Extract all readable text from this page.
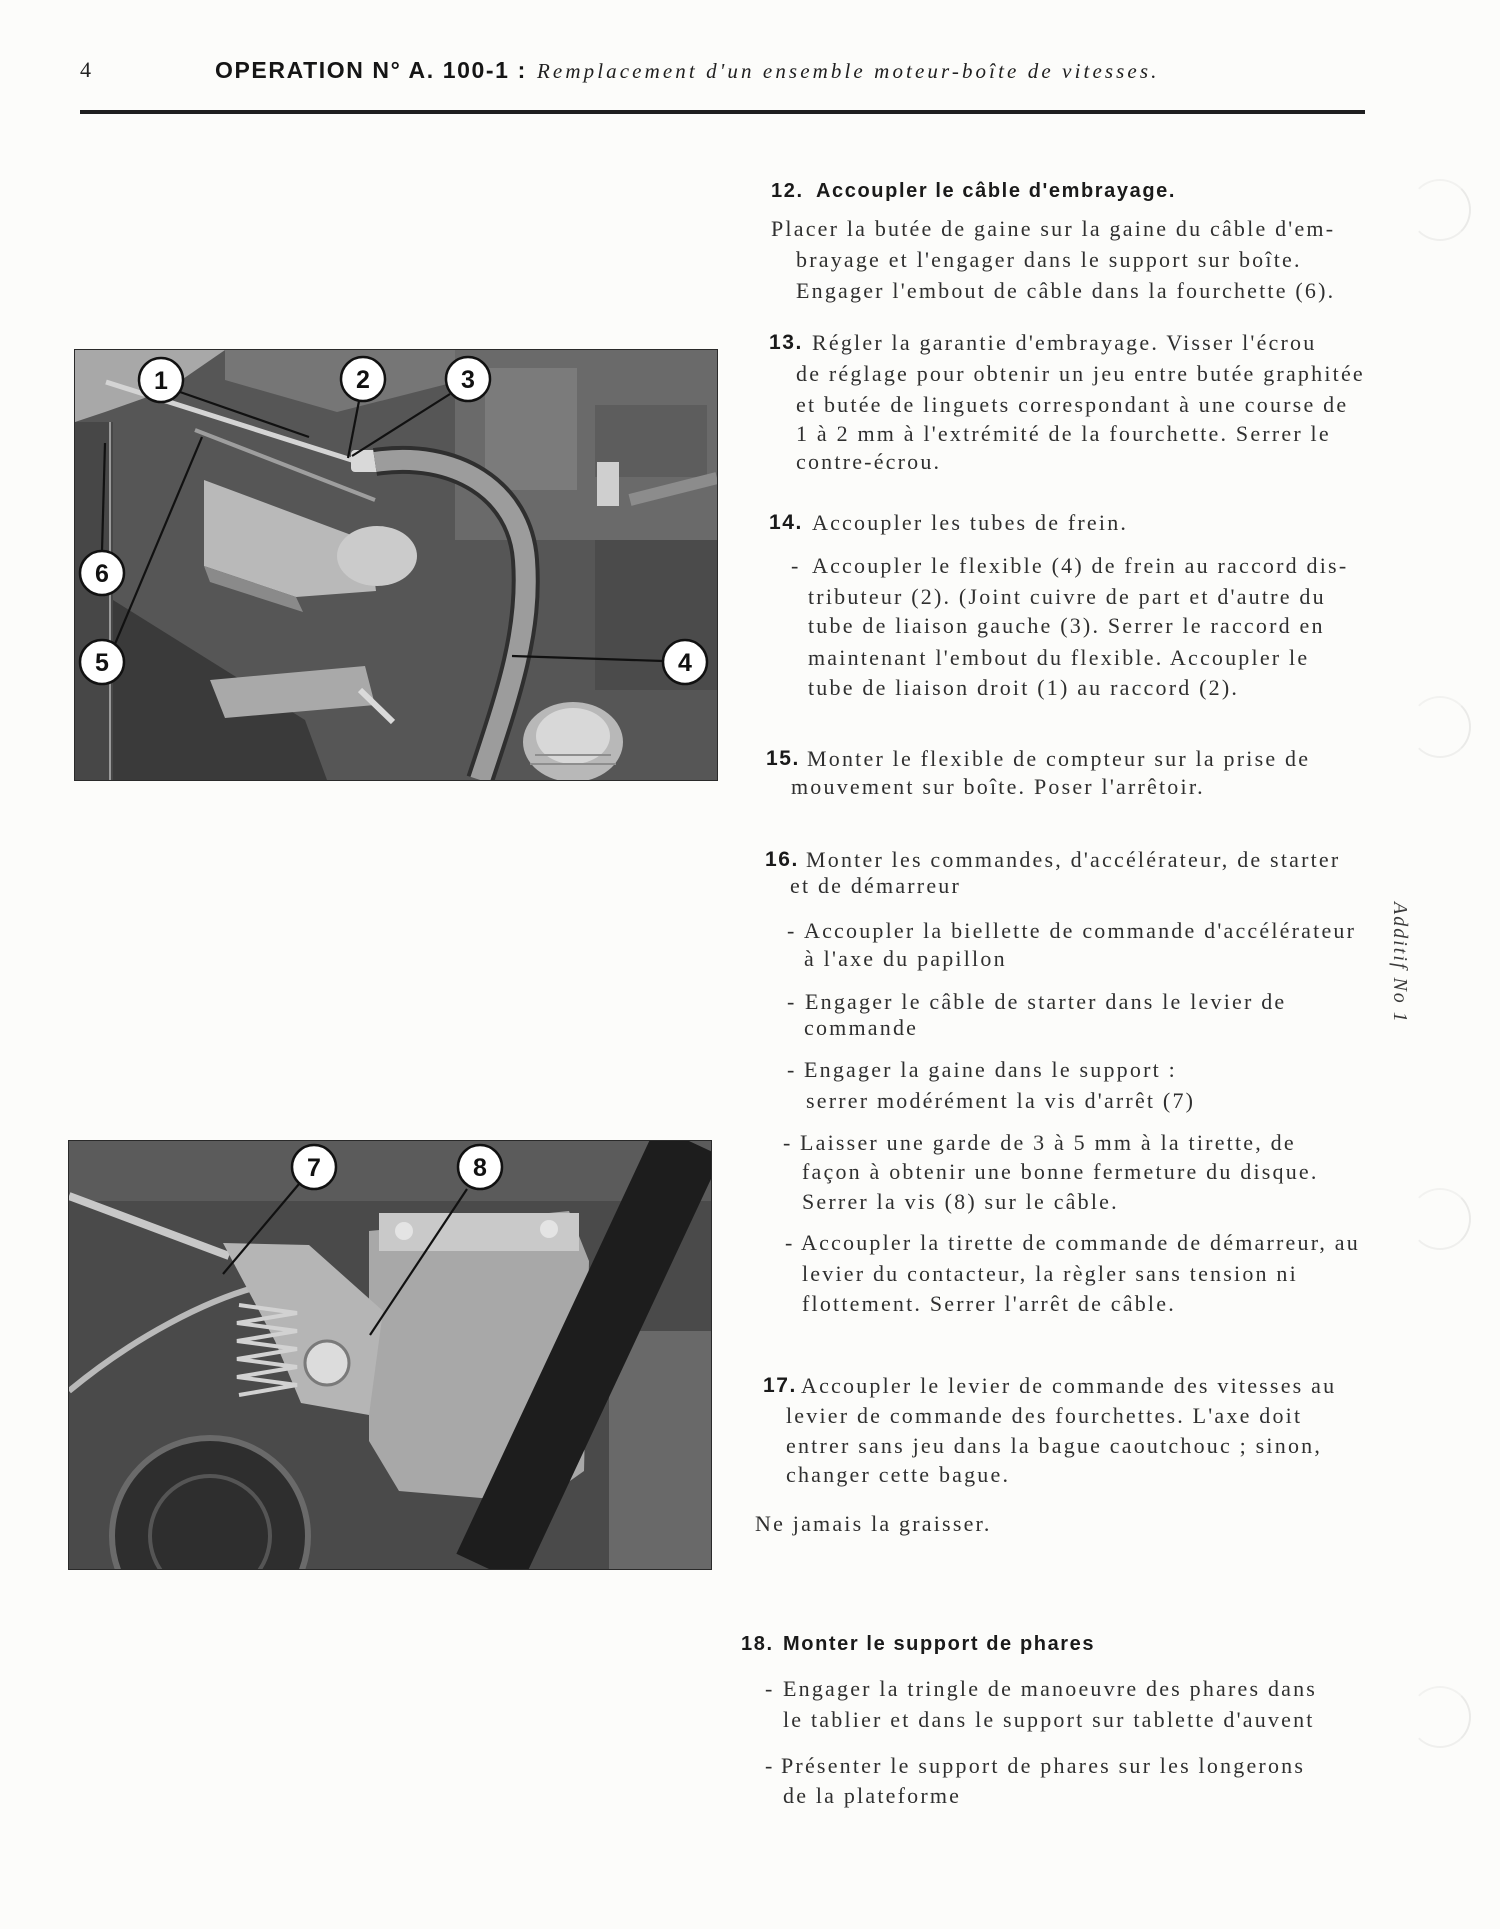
4	OPERATION N° A. 100-1 : Remplacement d'un ensemble moteur-boîte de vitesses.
Additif No 1
1	2	3
4
5
6
7	8
12. Accoupler le câble d'embrayage.
Placer la butée de gaine sur la gaine du câble d'em-
brayage et l'engager dans le support sur boîte.
Engager l'embout de câble dans la fourchette (6).
13. Régler la garantie d'embrayage. Visser l'écrou
de réglage pour obtenir un jeu entre butée graphitée
et butée de linguets correspondant à une course de
1 à 2 mm à l'extrémité de la fourchette. Serrer le
contre-écrou.
14. Accoupler les tubes de frein.
- Accoupler le flexible (4) de frein au raccord dis-
tributeur (2). (Joint cuivre de part et d'autre du
tube de liaison gauche (3). Serrer le raccord en
maintenant l'embout du flexible. Accoupler le
tube de liaison droit (1) au raccord (2).
15. Monter le flexible de compteur sur la prise de
mouvement sur boîte. Poser l'arrêtoir.
16. Monter les commandes, d'accélérateur, de starter
et de démarreur
- Accoupler la biellette de commande d'accélérateur
à l'axe du papillon
- Engager le câble de starter dans le levier de
commande
- Engager la gaine dans le support :
serrer modérément la vis d'arrêt (7)
- Laisser une garde de 3 à 5 mm à la tirette, de
façon à obtenir une bonne fermeture du disque.
Serrer la vis (8) sur le câble.
- Accoupler la tirette de commande de démarreur, au
levier du contacteur, la règler sans tension ni
flottement. Serrer l'arrêt de câble.
17. Accoupler le levier de commande des vitesses au
levier de commande des fourchettes. L'axe doit
entrer sans jeu dans la bague caoutchouc ; sinon,
changer cette bague.
Ne jamais la graisser.
18. Monter le support de phares
- Engager la tringle de manoeuvre des phares dans
le tablier et dans le support sur tablette d'auvent
- Présenter le support de phares sur les longerons
de la plateforme
